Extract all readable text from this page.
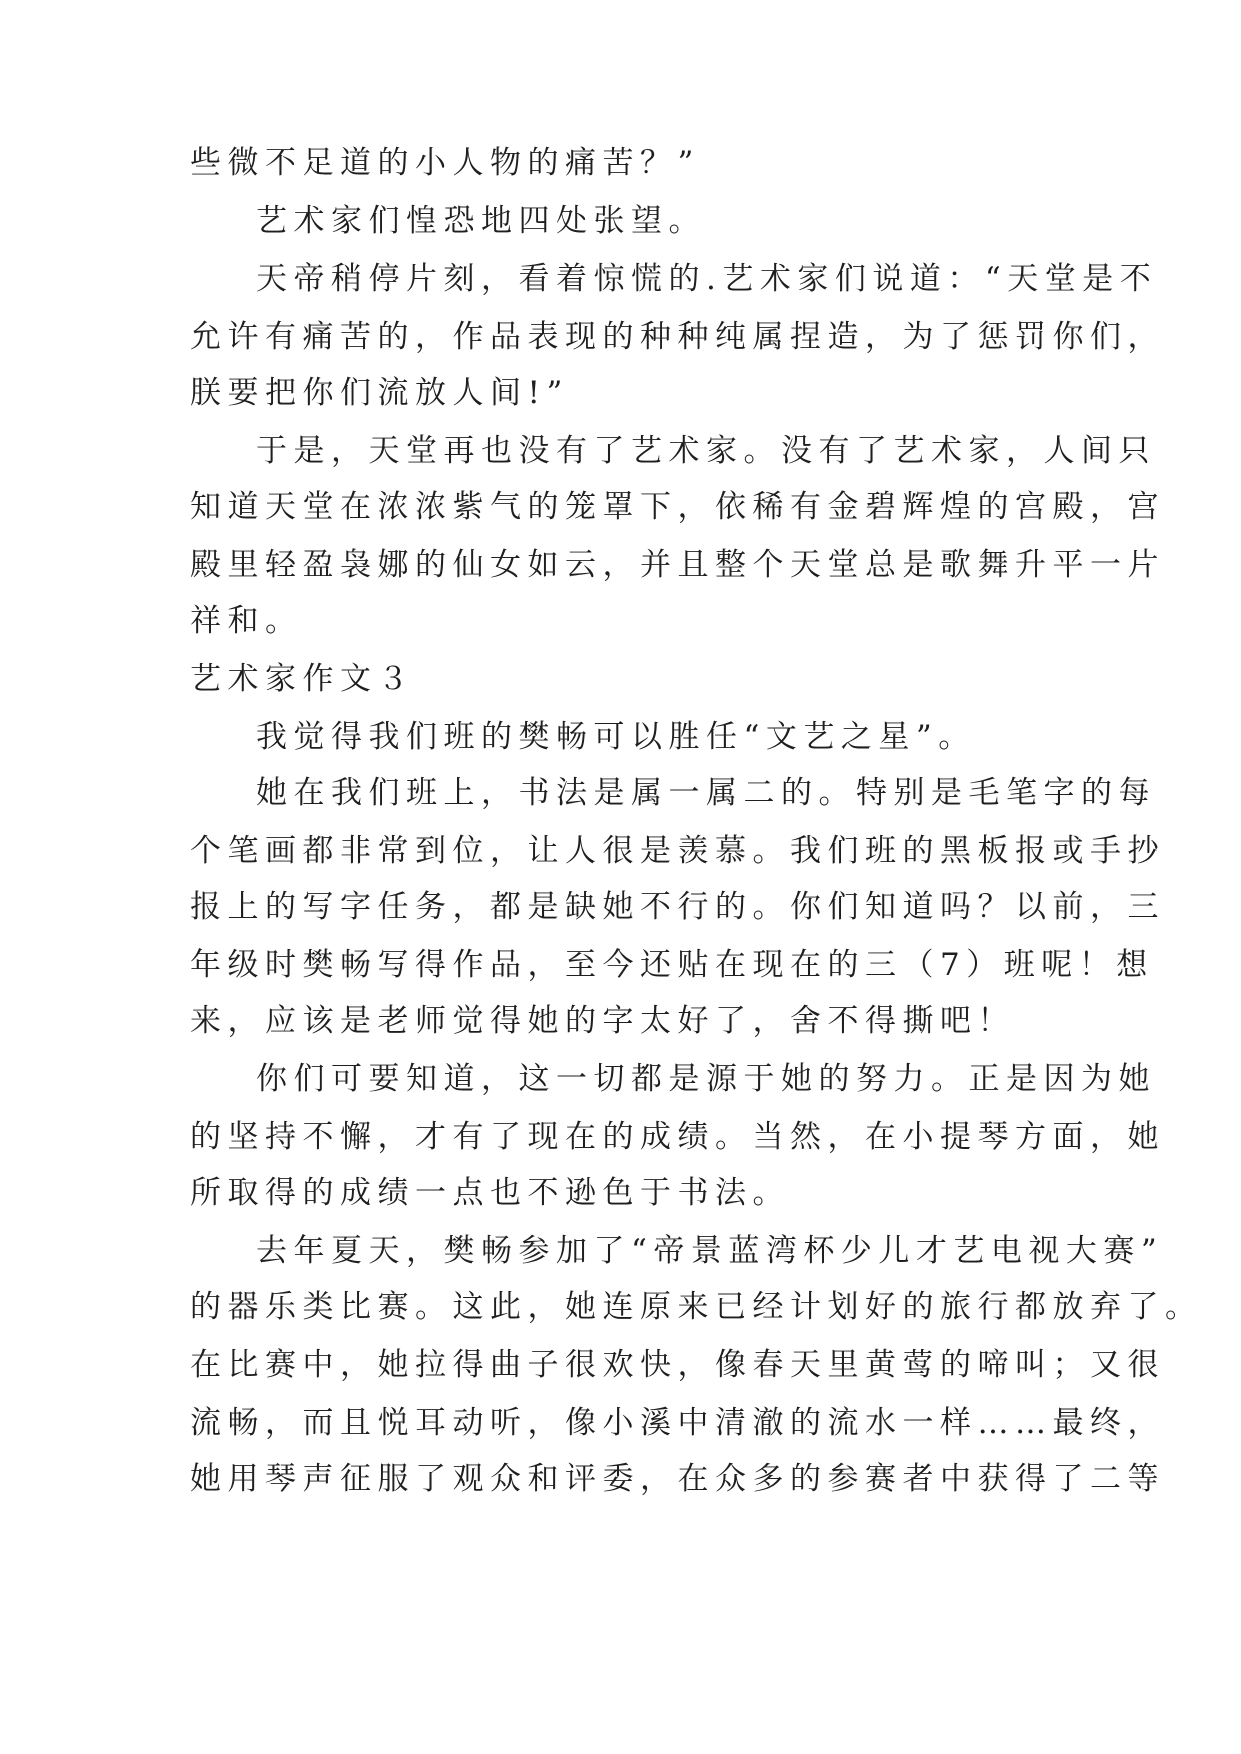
些微不足道的小人物的痛苦？”
艺术家们惶恐地四处张望。
天帝稍停片刻，看着惊慌的.艺术家们说道：“天堂是不
允许有痛苦的，作品表现的种种纯属捏造，为了惩罚你们，
朕要把你们流放人间!”
于是，天堂再也没有了艺术家。没有了艺术家，人间只
知道天堂在浓浓紫气的笼罩下，依稀有金碧辉煌的宫殿，宫
殿里轻盈袅娜的仙女如云，并且整个天堂总是歌舞升平一片
祥和。
艺术家作文３
我觉得我们班的樊畅可以胜任“文艺之星”。
她在我们班上，书法是属一属二的。特别是毛笔字的每
个笔画都非常到位，让人很是羡慕。我们班的黑板报或手抄
报上的写字任务，都是缺她不行的。你们知道吗？以前，三
年级时樊畅写得作品，至今还贴在现在的三（7）班呢！想
来，应该是老师觉得她的字太好了，舍不得撕吧！
你们可要知道，这一切都是源于她的努力。正是因为她
的坚持不懈，才有了现在的成绩。当然，在小提琴方面，她
所取得的成绩一点也不逊色于书法。
去年夏天，樊畅参加了“帝景蓝湾杯少儿才艺电视大赛”
的器乐类比赛。这此，她连原来已经计划好的旅行都放弃了。
在比赛中，她拉得曲子很欢快，像春天里黄莺的啼叫；又很
流畅，而且悦耳动听，像小溪中清澈的流水一样……最终，
她用琴声征服了观众和评委，在众多的参赛者中获得了二等
